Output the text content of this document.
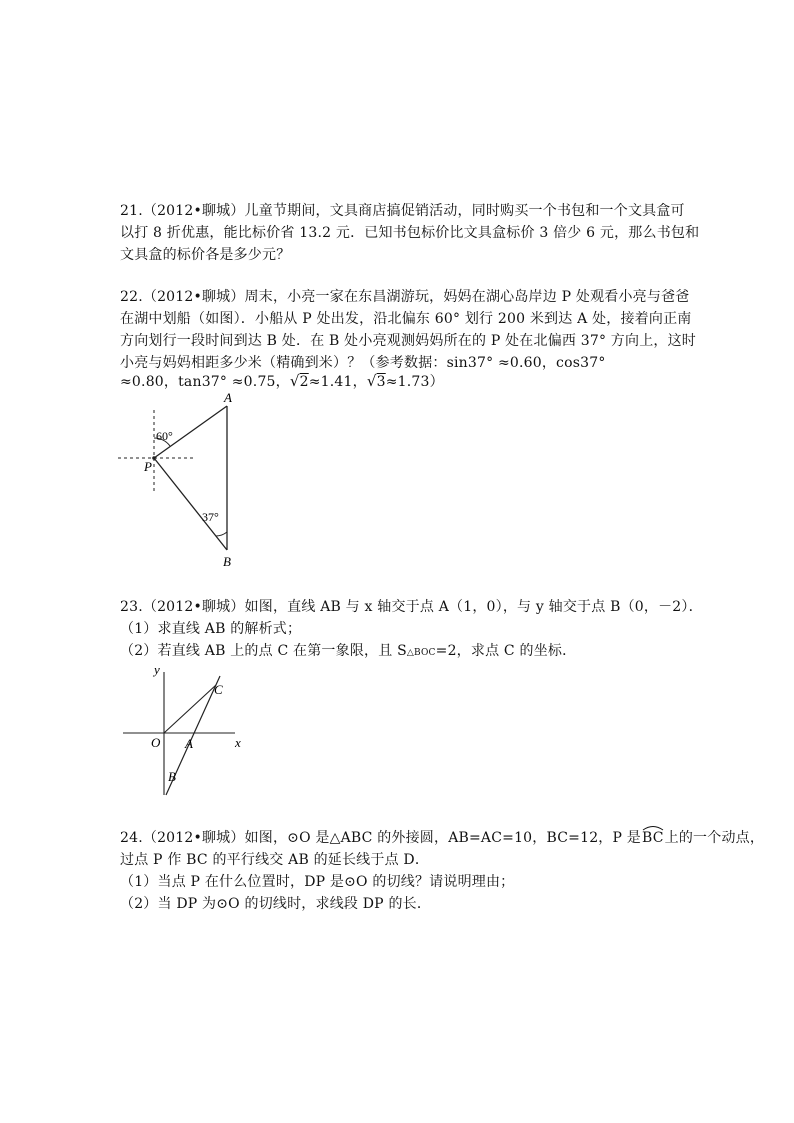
21.（2012•聊城）儿童节期间，文具商店搞促销活动，同时购买一个书包和一个文具盒可
以打 8 折优惠，能比标价省 13.2 元．已知书包标价比文具盒标价 3 倍少 6 元，那么书包和
文具盒的标价各是多少元？
22.（2012•聊城）周末，小亮一家在东昌湖游玩，妈妈在湖心岛岸边 P 处观看小亮与爸爸
在湖中划船（如图）．小船从 P 处出发，沿北偏东 60° 划行 200 米到达 A 处，接着向正南
方向划行一段时间到达 B 处．在 B 处小亮观测妈妈所在的 P 处在北偏西 37° 方向上，这时
小亮与妈妈相距多少米（精确到米）？（参考数据：sin37° ≈0.60，cos37°
≈0.80，tan37° ≈0.75，√2≈1.41，√3≈1.73）
A
B
P
60°
37°
23.（2012•聊城）如图，直线 AB 与 x 轴交于点 A（1，0），与 y 轴交于点 B（0，－2）．
（1）求直线 AB 的解析式；
（2）若直线 AB 上的点 C 在第一象限，且 S△BOC=2，求点 C 的坐标．
y
x
O A
B
C
24.（2012•聊城）如图，⊙O 是△ABC 的外接圆，AB=AC=10，BC=12，P 是
BC上的一个动点，
过点 P 作 BC 的平行线交 AB 的延长线于点 D．
（1）当点 P 在什么位置时，DP 是⊙O 的切线？请说明理由；
（2）当 DP 为⊙O 的切线时，求线段 DP 的长．
